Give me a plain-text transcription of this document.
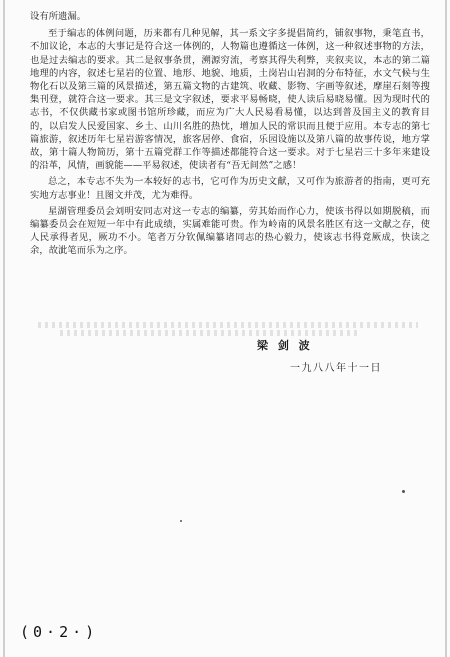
设有所遗漏。

至于编志的体例问题，历来都有几种见解，其一系文字多提倡简约，铺叙事物，秉笔直书，不加议论，本志的大事记是符合这一体例的，人物篇也遵循这一体例，这一种叙述事物的方法，也是过去编志的要求。其二是叙事条贯，溯源穷流，考察其得失利弊，夹叙夹议，本志的第二篇地理的内容，叙述七星岩的位置、地形、地貌、地质，土岗岩山岩洞的分布特征，水文气候与生物化石以及第三篇的风景描述，第五篇文物的古建筑、收藏、影物、字画等叙述，摩崖石刻等搜集刊登，就符合这一要求。其三是文字叙述，要求平易畅晓，使人读后易晓易懂。因为现时代的志书，不仅供藏书家或图书馆所珍藏，而应为广大人民易看易懂，以达到普及国主义的教育目的，以启发人民爱国家、乡土、山川名胜的热忱，增加人民的常识而且便于应用。本专志的第七篇旅游，叙述历年七星岩游客情况，旅客居停、食宿，乐园设施以及第八篇的故事传说，地方掌故，第十篇人物简历，第十五篇党群工作等描述都能符合这一要求。对于七星岩三十多年来建设的沿革，风情，画貌能——平易叙述，使读者有“吾无间然”之感！

总之，本专志不失为一本较好的志书，它可作为历史文献，又可作为旅游者的指南，更可充实地方志事业！且图文并茂，尤为难得。

星湖管理委员会刘明安同志对这一专志的编纂，劳其始而作心力，使该书得以如期脱稿，而编纂委员会在短短一年中有此成绩，实属难能可贵。作为岭南的风景名胜区有这一文献之存，使人民承得者见，厥功不小。笔者万分钦佩编纂诸同志的热心毅力，使该志书得竟厥成，快读之余，故泚笔而乐为之序。

梁 剑 波
一九八八年十一日
(0·2·)
